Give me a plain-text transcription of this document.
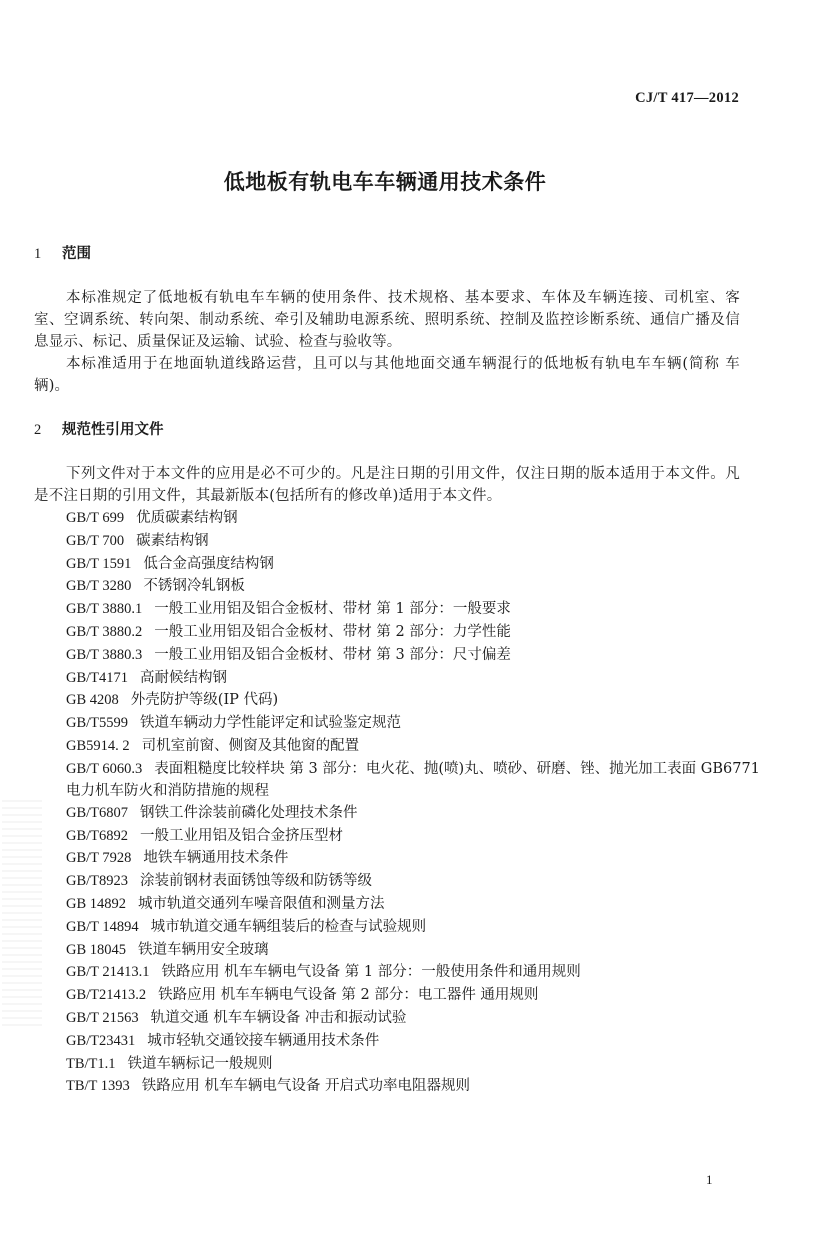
CJ/T 417—2012
低地板有轨电车车辆通用技术条件
1 范围
本标准规定了低地板有轨电车车辆的使用条件、技术规格、基本要求、车体及车辆连接、司机室、客 室、空调系统、转向架、制动系统、牵引及辅助电源系统、照明系统、控制及监控诊断系统、通信广播及信 息显示、标记、质量保证及运输、试验、检查与验收等。
本标准适用于在地面轨道线路运营，且可以与其他地面交通车辆混行的低地板有轨电车车辆(简称 车辆)。
2 规范性引用文件
下列文件对于本文件的应用是必不可少的。凡是注日期的引用文件，仅注日期的版本适用于本文件。凡是不注日期的引用文件，其最新版本(包括所有的修改单)适用于本文件。
GB/T 699 优质碳素结构钢
GB/T 700 碳素结构钢
GB/T 1591 低合金高强度结构钢
GB/T 3280 不锈钢冷轧钢板
GB/T 3880.1 一般工业用铝及铝合金板材、带材 第 1 部分：一般要求
GB/T 3880.2 一般工业用铝及铝合金板材、带材 第 2 部分：力学性能
GB/T 3880.3 一般工业用铝及铝合金板材、带材 第 3 部分：尺寸偏差
GB/T4171 高耐候结构钢
GB 4208 外壳防护等级(IP 代码)
GB/T5599 铁道车辆动力学性能评定和试验鉴定规范
GB5914. 2 司机室前窗、侧窗及其他窗的配置
GB/T 6060.3 表面粗糙度比较样块 第 3 部分：电火花、抛(喷)丸、喷砂、研磨、锉、抛光加工表面 GB6771 电力机车防火和消防措施的规程
GB/T6807 钢铁工件涂装前磷化处理技术条件
GB/T6892 一般工业用铝及铝合金挤压型材
GB/T 7928 地铁车辆通用技术条件
GB/T8923 涂装前钢材表面锈蚀等级和防锈等级
GB 14892 城市轨道交通列车噪音限值和测量方法
GB/T 14894 城市轨道交通车辆组装后的检查与试验规则
GB 18045 铁道车辆用安全玻璃
GB/T 21413.1 铁路应用 机车车辆电气设备 第 1 部分：一般使用条件和通用规则
GB/T21413.2 铁路应用 机车车辆电气设备 第 2 部分：电工器件 通用规则
GB/T 21563 轨道交通 机车车辆设备 冲击和振动试验
GB/T23431 城市轻轨交通铰接车辆通用技术条件
TB/T1.1 铁道车辆标记一般规则
TB/T 1393 铁路应用 机车车辆电气设备 开启式功率电阻器规则
1
